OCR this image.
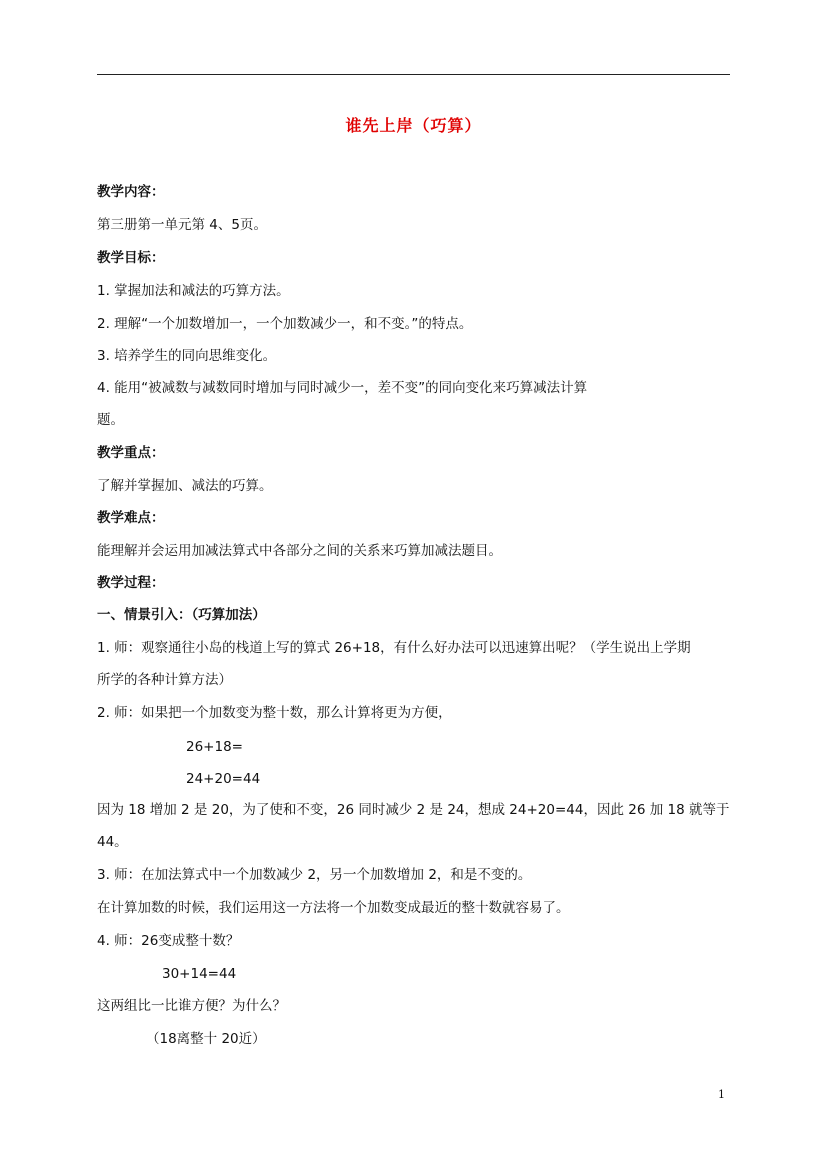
谁先上岸（巧算）
教学内容：
第三册第一单元第 4、5页。
教学目标：
1. 掌握加法和减法的巧算方法。
2. 理解“一个加数增加一，一个加数减少一，和不变。”的特点。
3. 培养学生的同向思维变化。
4. 能用“被减数与减数同时增加与同时减少一，差不变”的同向变化来巧算减法计算
题。
教学重点：
了解并掌握加、减法的巧算。
教学难点：
能理解并会运用加减法算式中各部分之间的关系来巧算加减法题目。
教学过程：
一、情景引入：（巧算加法）
1. 师：观察通往小岛的栈道上写的算式 26+18，有什么好办法可以迅速算出呢？（学生说出上学期
所学的各种计算方法）
2. 师：如果把一个加数变为整十数，那么计算将更为方便，
26+18=
24+20=44
因为 18 增加 2 是 20，为了使和不变，26 同时减少 2 是 24，想成 24+20=44，因此 26 加 18 就等于
44。
3. 师：在加法算式中一个加数减少 2，另一个加数增加 2，和是不变的。
在计算加数的时候，我们运用这一方法将一个加数变成最近的整十数就容易了。
4. 师：26变成整十数？
30+14=44
这两组比一比谁方便？为什么？
（18离整十 20近）
1
